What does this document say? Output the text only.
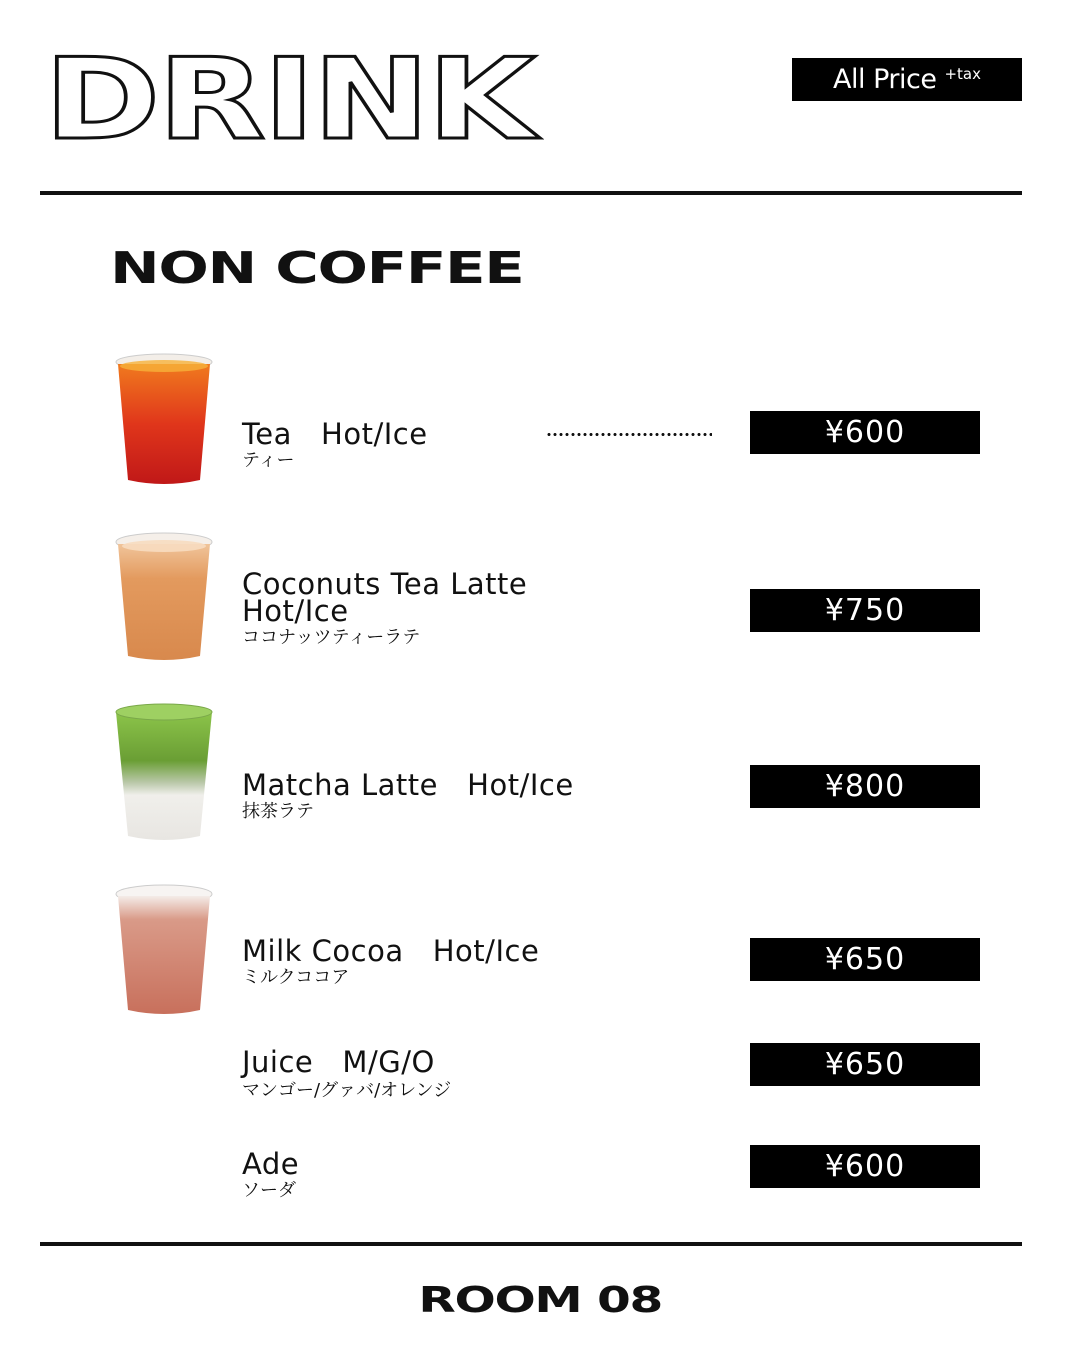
DRINK	All Price +tax
NON COFFEE
Tea   Hot/Ice
ティー
¥600
Coconuts Tea Latte
Hot/Ice
ココナッツティーラテ
¥750
Matcha Latte   Hot/Ice
抹茶ラテ
¥800
Milk Cocoa   Hot/Ice
ミルクココア
¥650
Juice   M/G/O
マンゴー/グァバ/オレンジ
¥650
Ade
ソーダ
¥600
ROOM 08
